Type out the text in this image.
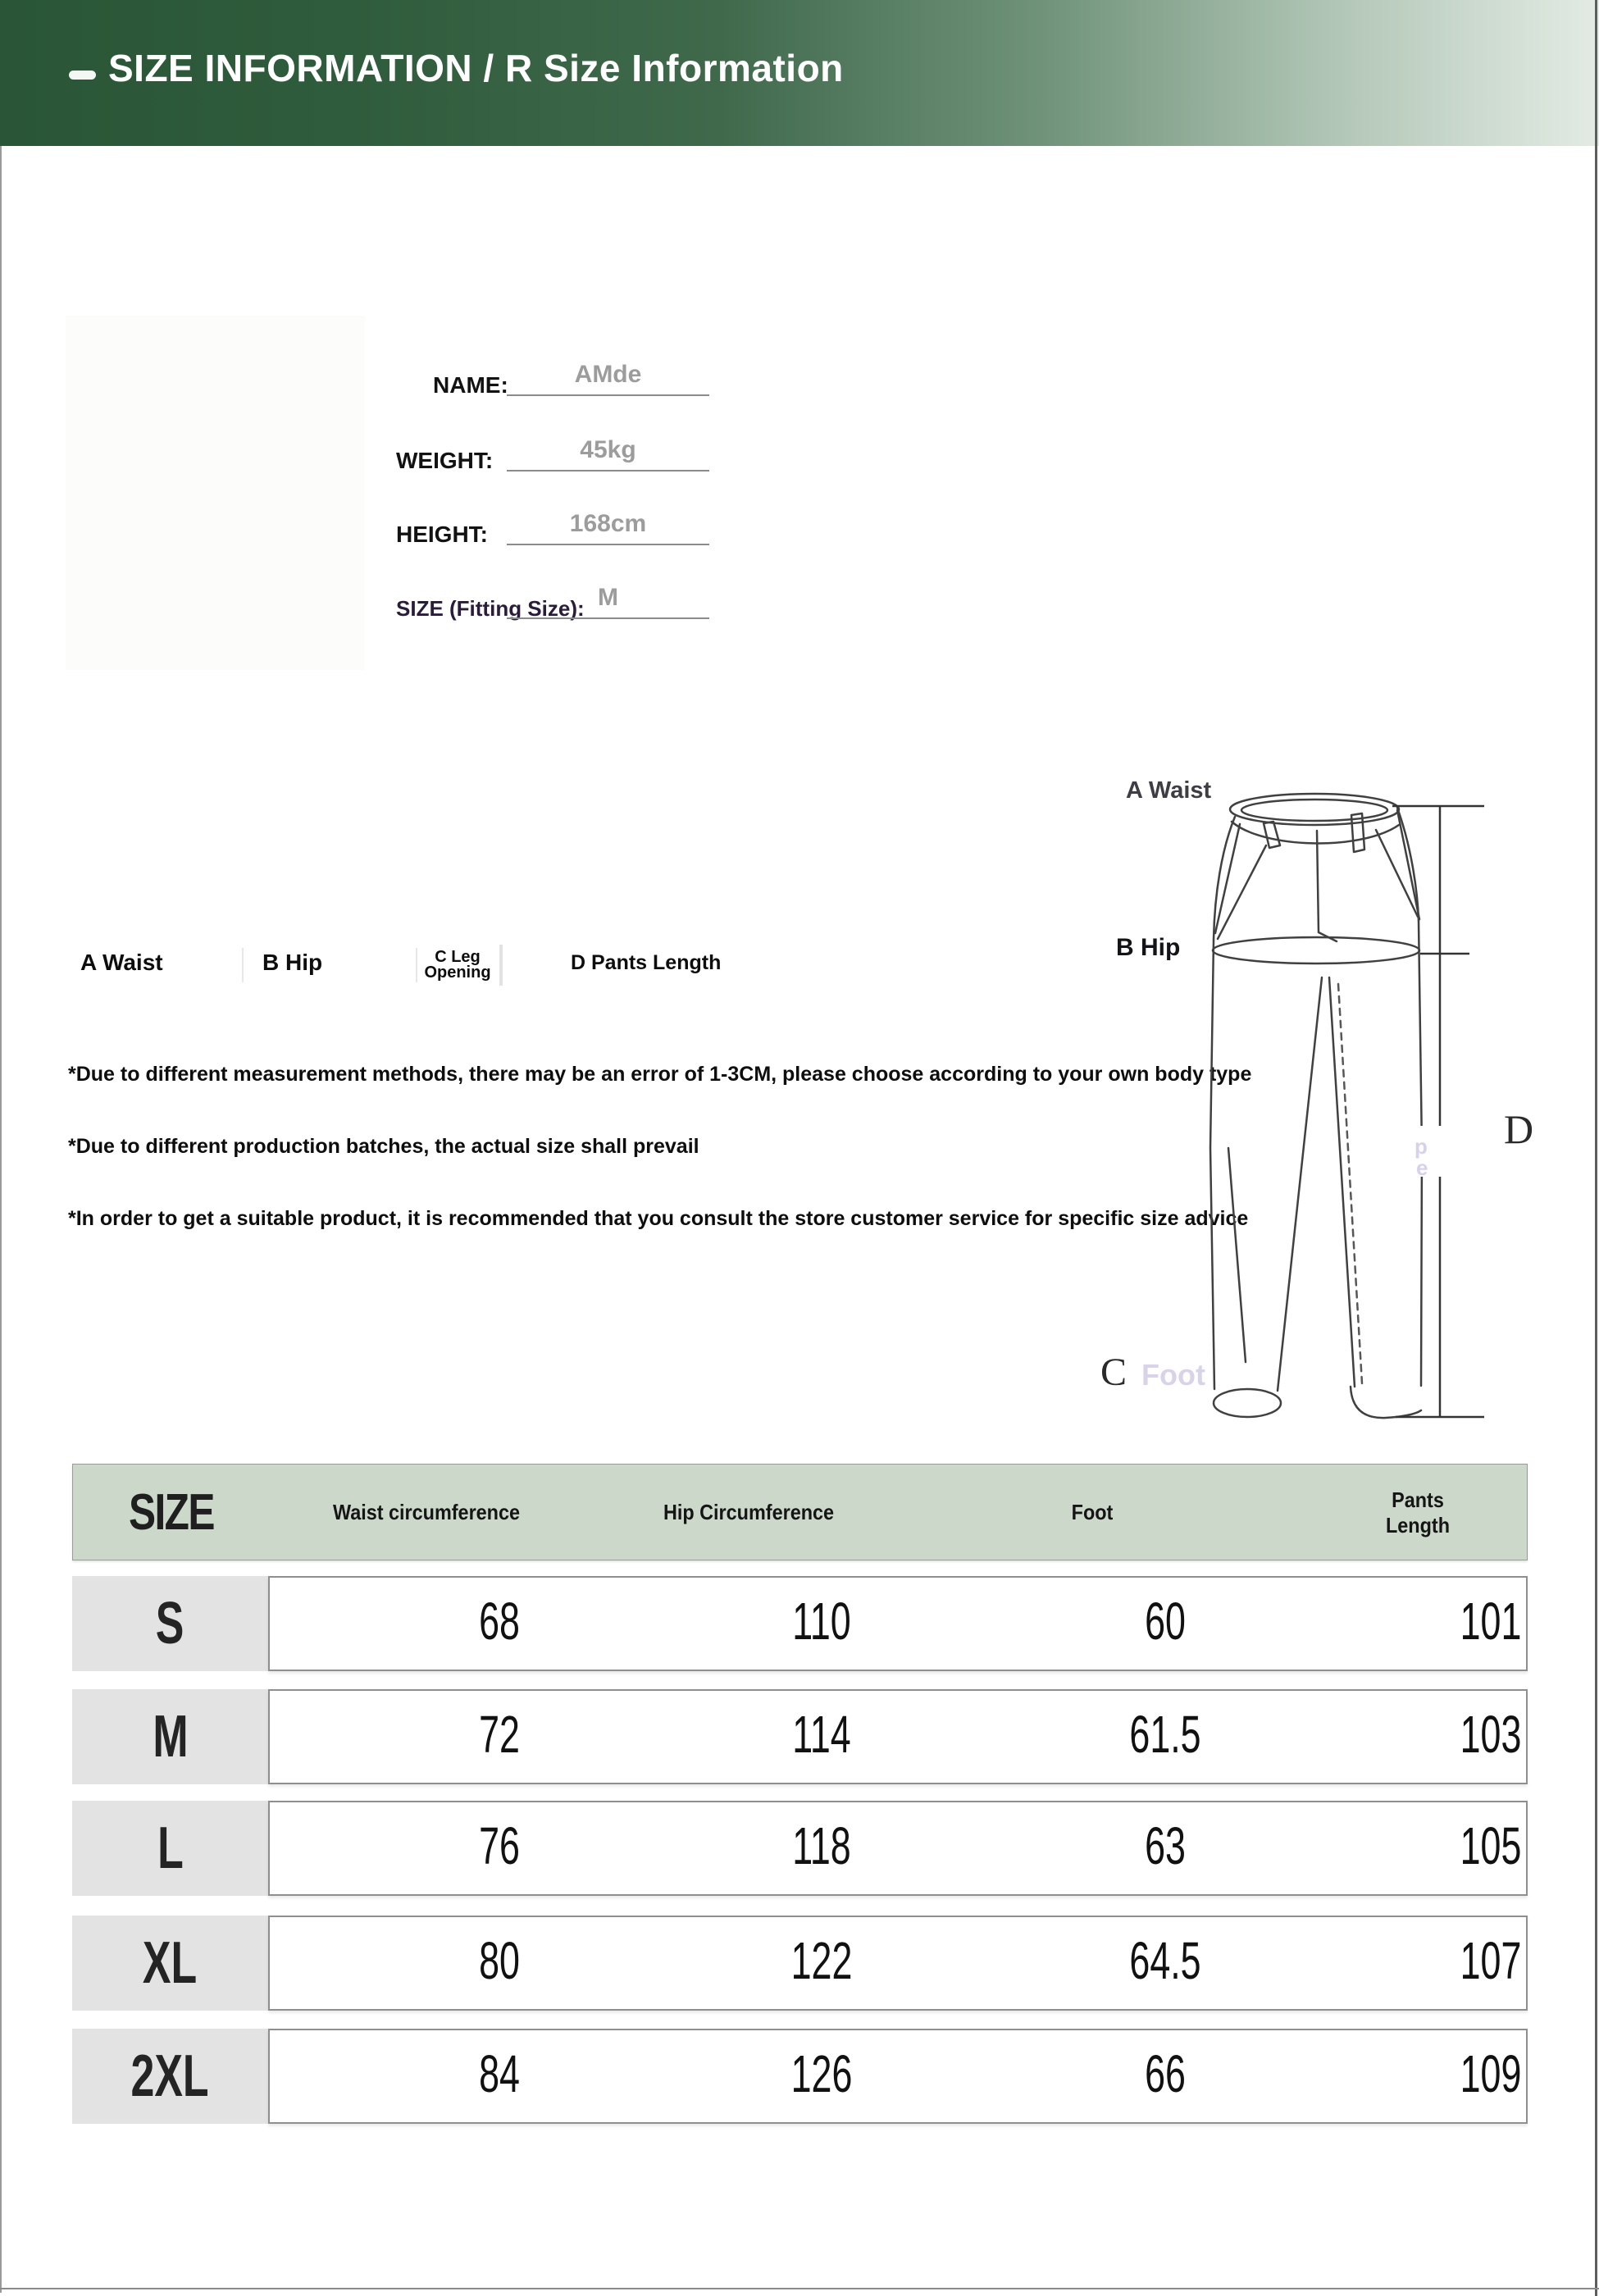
SIZE INFORMATION / R Size Information
NAME:	AMde
WEIGHT:	45kg
HEIGHT:	168cm
SIZE (Fitting Size): M
A Waist	B Hip	C Leg Opening	D Pants Length
*Due to different measurement methods, there may be an error of 1-3CM, please choose according to your own body type
*Due to different production batches, the actual size shall prevail
*In order to get a suitable product, it is recommended that you consult the store customer service for specific size advice
p
e
A Waist
B Hip
C Foot
D
SIZE	Waist circumference	Hip Circumference	Foot	Pants Length
S	68	110	60	101
M	72	114	61.5	103
L	76	118	63	105
XL	80	122	64.5	107
2XL	84	126	66	109
